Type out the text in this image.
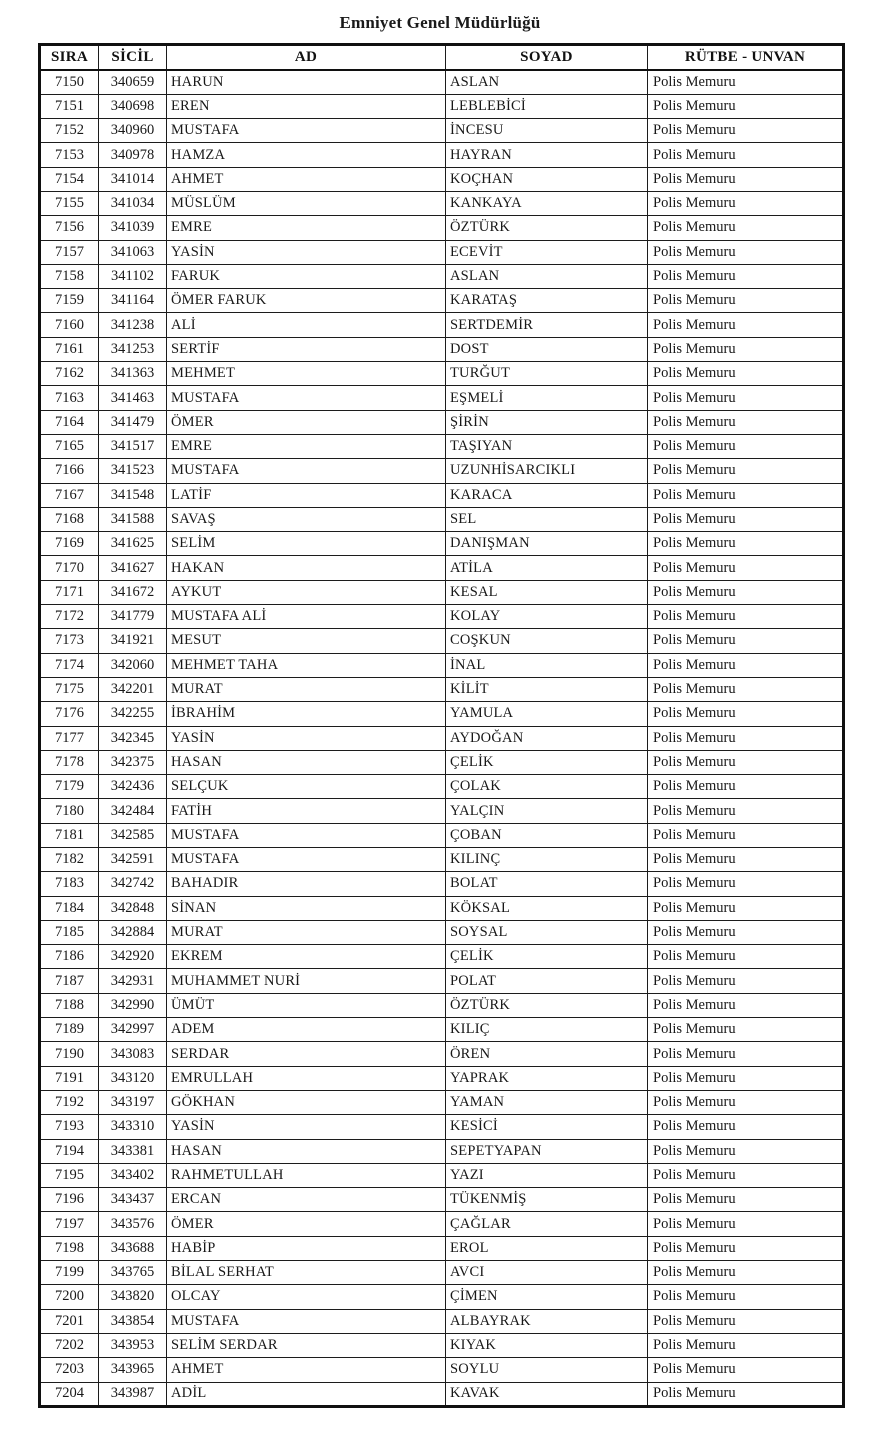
Emniyet Genel Müdürlüğü
SIRA	SİCİL	AD	SOYAD	RÜTBE - UNVAN
7150	340659	HARUN	ASLAN	Polis Memuru
7151	340698	EREN	LEBLEBİCİ	Polis Memuru
7152	340960	MUSTAFA	İNCESU	Polis Memuru
7153	340978	HAMZA	HAYRAN	Polis Memuru
7154	341014	AHMET	KOÇHAN	Polis Memuru
7155	341034	MÜSLÜM	KANKAYA	Polis Memuru
7156	341039	EMRE	ÖZTÜRK	Polis Memuru
7157	341063	YASİN	ECEVİT	Polis Memuru
7158	341102	FARUK	ASLAN	Polis Memuru
7159	341164	ÖMER FARUK	KARATAŞ	Polis Memuru
7160	341238	ALİ	SERTDEMİR	Polis Memuru
7161	341253	SERTİF	DOST	Polis Memuru
7162	341363	MEHMET	TURĞUT	Polis Memuru
7163	341463	MUSTAFA	EŞMELİ	Polis Memuru
7164	341479	ÖMER	ŞİRİN	Polis Memuru
7165	341517	EMRE	TAŞIYAN	Polis Memuru
7166	341523	MUSTAFA	UZUNHİSARCIKLI	Polis Memuru
7167	341548	LATİF	KARACA	Polis Memuru
7168	341588	SAVAŞ	SEL	Polis Memuru
7169	341625	SELİM	DANIŞMAN	Polis Memuru
7170	341627	HAKAN	ATİLA	Polis Memuru
7171	341672	AYKUT	KESAL	Polis Memuru
7172	341779	MUSTAFA ALİ	KOLAY	Polis Memuru
7173	341921	MESUT	COŞKUN	Polis Memuru
7174	342060	MEHMET TAHA	İNAL	Polis Memuru
7175	342201	MURAT	KİLİT	Polis Memuru
7176	342255	İBRAHİM	YAMULA	Polis Memuru
7177	342345	YASİN	AYDOĞAN	Polis Memuru
7178	342375	HASAN	ÇELİK	Polis Memuru
7179	342436	SELÇUK	ÇOLAK	Polis Memuru
7180	342484	FATİH	YALÇIN	Polis Memuru
7181	342585	MUSTAFA	ÇOBAN	Polis Memuru
7182	342591	MUSTAFA	KILINÇ	Polis Memuru
7183	342742	BAHADIR	BOLAT	Polis Memuru
7184	342848	SİNAN	KÖKSAL	Polis Memuru
7185	342884	MURAT	SOYSAL	Polis Memuru
7186	342920	EKREM	ÇELİK	Polis Memuru
7187	342931	MUHAMMET NURİ	POLAT	Polis Memuru
7188	342990	ÜMÜT	ÖZTÜRK	Polis Memuru
7189	342997	ADEM	KILIÇ	Polis Memuru
7190	343083	SERDAR	ÖREN	Polis Memuru
7191	343120	EMRULLAH	YAPRAK	Polis Memuru
7192	343197	GÖKHAN	YAMAN	Polis Memuru
7193	343310	YASİN	KESİCİ	Polis Memuru
7194	343381	HASAN	SEPETYAPAN	Polis Memuru
7195	343402	RAHMETULLAH	YAZI	Polis Memuru
7196	343437	ERCAN	TÜKENMİŞ	Polis Memuru
7197	343576	ÖMER	ÇAĞLAR	Polis Memuru
7198	343688	HABİP	EROL	Polis Memuru
7199	343765	BİLAL SERHAT	AVCI	Polis Memuru
7200	343820	OLCAY	ÇİMEN	Polis Memuru
7201	343854	MUSTAFA	ALBAYRAK	Polis Memuru
7202	343953	SELİM SERDAR	KIYAK	Polis Memuru
7203	343965	AHMET	SOYLU	Polis Memuru
7204	343987	ADİL	KAVAK	Polis Memuru
